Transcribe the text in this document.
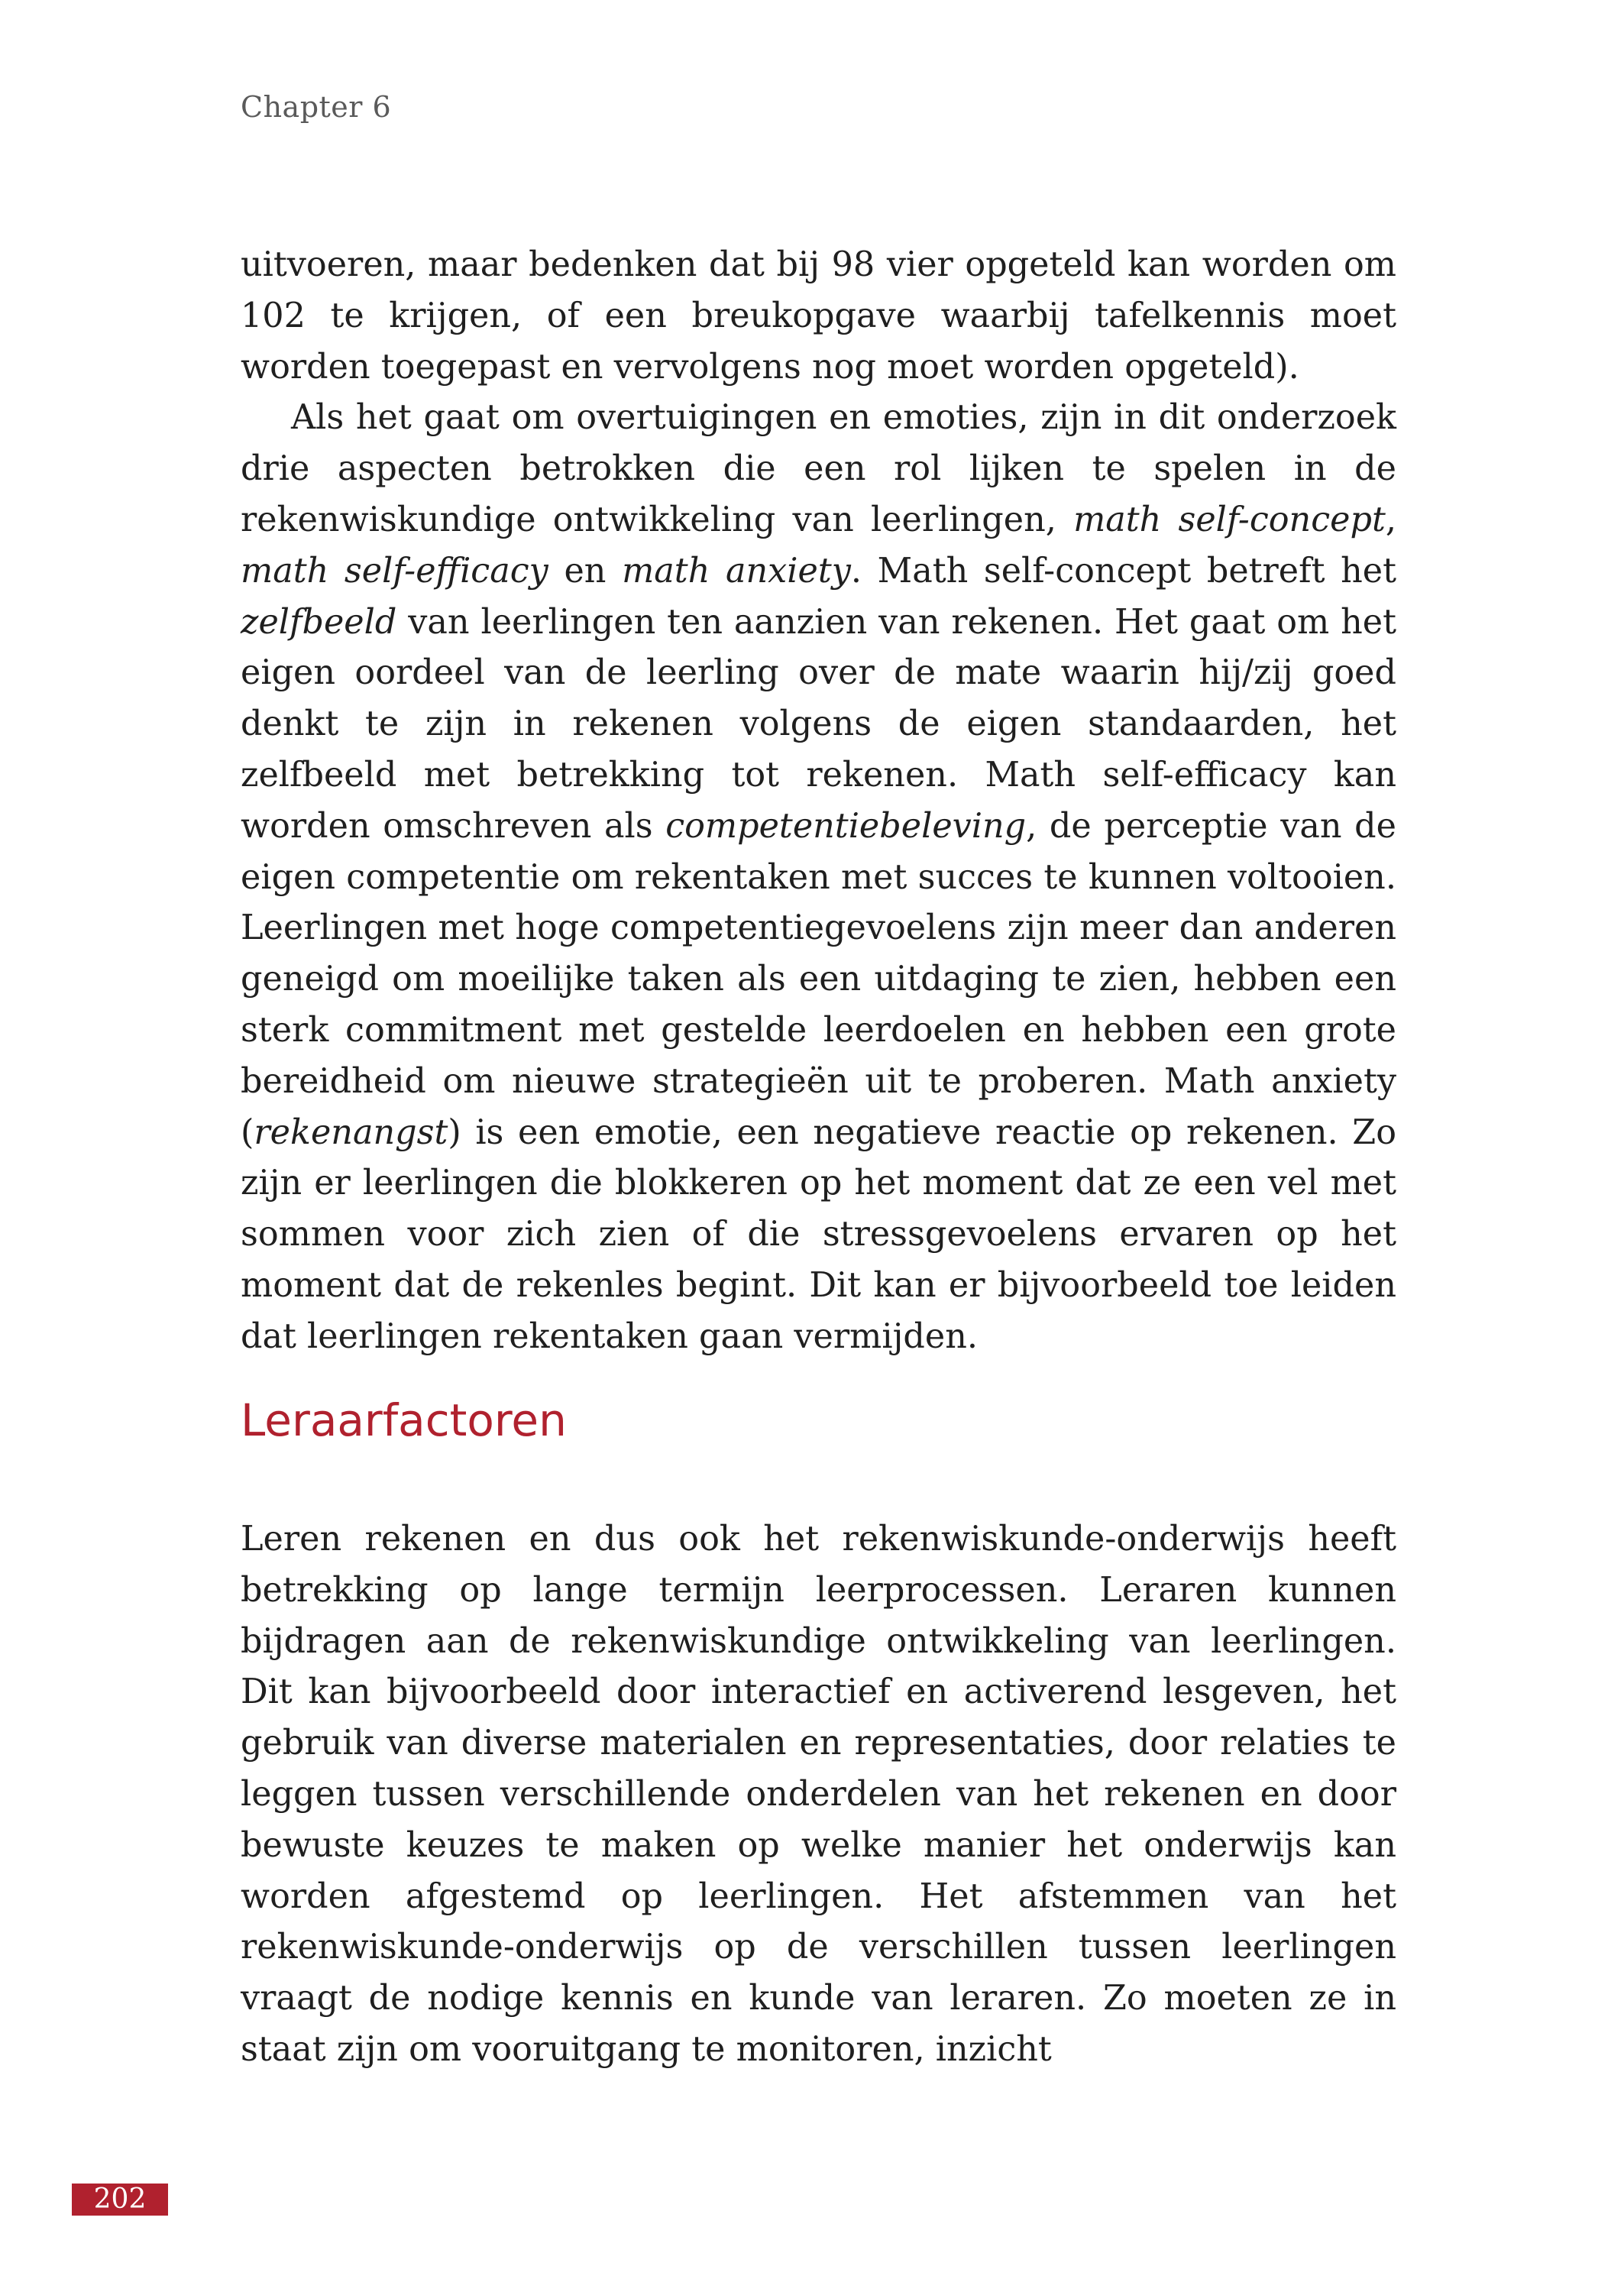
Chapter 6

uitvoeren, maar bedenken dat bij 98 vier opgeteld kan worden om 102 te krijgen, of een breukopgave waarbij tafelkennis moet worden toegepast en vervolgens nog moet worden opgeteld).

Als het gaat om overtuigingen en emoties, zijn in dit onderzoek drie aspecten betrokken die een rol lijken te spelen in de rekenwiskundige ontwikkeling van leerlingen, math self-concept, math self-efficacy en math anxiety. Math self-concept betreft het zelfbeeld van leerlingen ten aanzien van rekenen. Het gaat om het eigen oordeel van de leerling over de mate waarin hij/zij goed denkt te zijn in rekenen volgens de eigen standaarden, het zelfbeeld met betrekking tot rekenen. Math self-efficacy kan worden omschreven als competentiebeleving, de perceptie van de eigen competentie om rekentaken met succes te kunnen voltooien. Leerlingen met hoge competentiegevoelens zijn meer dan anderen geneigd om moeilijke taken als een uitdaging te zien, hebben een sterk commitment met gestelde leerdoelen en hebben een grote bereidheid om nieuwe strategieën uit te proberen. Math anxiety (rekenangst) is een emotie, een negatieve reactie op rekenen. Zo zijn er leerlingen die blokkeren op het moment dat ze een vel met sommen voor zich zien of die stressgevoelens ervaren op het moment dat de rekenles begint. Dit kan er bijvoorbeeld toe leiden dat leerlingen rekentaken gaan vermijden.

Leraarfactoren

Leren rekenen en dus ook het rekenwiskunde-onderwijs heeft betrekking op lange termijn leerprocessen. Leraren kunnen bijdragen aan de rekenwiskundige ontwikkeling van leerlingen. Dit kan bijvoorbeeld door interactief en activerend lesgeven, het gebruik van diverse materialen en representaties, door relaties te leggen tussen verschillende onderdelen van het rekenen en door bewuste keuzes te maken op welke manier het onderwijs kan worden afgestemd op leerlingen. Het afstemmen van het rekenwiskunde-onderwijs op de verschillen tussen leerlingen vraagt de nodige kennis en kunde van leraren. Zo moeten ze in staat zijn om vooruitgang te monitoren, inzicht

202
